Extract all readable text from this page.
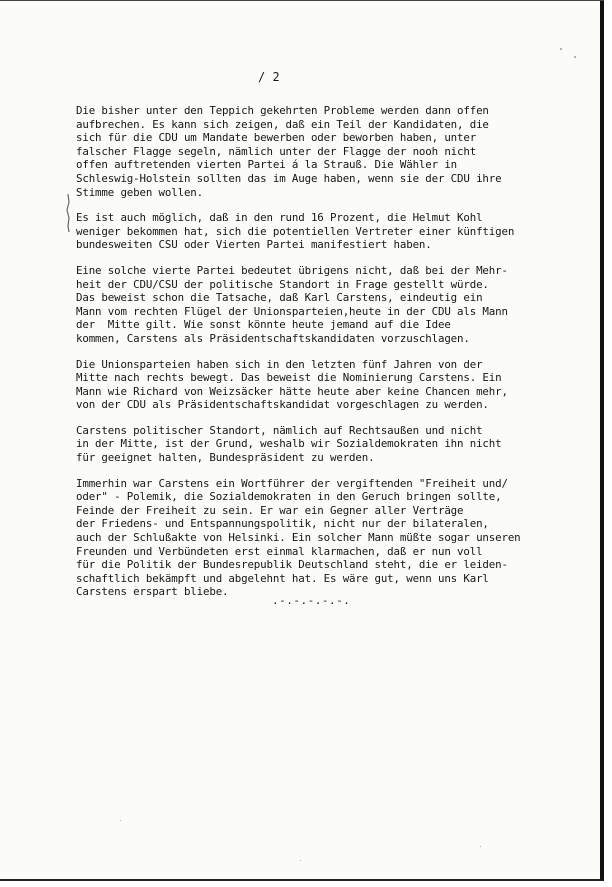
/ 2

Die bisher unter den Teppich gekehrten Probleme werden dann offen
aufbrechen. Es kann sich zeigen, daß ein Teil der Kandidaten, die
sich für die CDU um Mandate bewerben oder beworben haben, unter
falscher Flagge segeln, nämlich unter der Flagge der nooh nicht
offen auftretenden vierten Partei á la Strauß. Die Wähler in
Schleswig-Holstein sollten das im Auge haben, wenn sie der CDU ihre
Stimme geben wollen.

Es ist auch möglich, daß in den rund 16 Prozent, die Helmut Kohl
weniger bekommen hat, sich die potentiellen Vertreter einer künftigen
bundesweiten CSU oder Vierten Partei manifestiert haben.

Eine solche vierte Partei bedeutet übrigens nicht, daß bei der Mehr-
heit der CDU/CSU der politische Standort in Frage gestellt würde.
Das beweist schon die Tatsache, daß Karl Carstens, eindeutig ein
Mann vom rechten Flügel der Unionsparteien,heute in der CDU als Mann
der  Mitte gilt. Wie sonst könnte heute jemand auf die Idee
kommen, Carstens als Präsidentschaftskandidaten vorzuschlagen.

Die Unionsparteien haben sich in den letzten fünf Jahren von der
Mitte nach rechts bewegt. Das beweist die Nominierung Carstens. Ein
Mann wie Richard von Weizsäcker hätte heute aber keine Chancen mehr,
von der CDU als Präsidentschaftskandidat vorgeschlagen zu werden.

Carstens politischer Standort, nämlich auf Rechtsaußen und nicht
in der Mitte, ist der Grund, weshalb wir Sozialdemokraten ihn nicht
für geeignet halten, Bundespräsident zu werden.

Immerhin war Carstens ein Wortführer der vergiftenden "Freiheit und/
oder" - Polemik, die Sozialdemokraten in den Geruch bringen sollte,
Feinde der Freiheit zu sein. Er war ein Gegner aller Verträge
der Friedens- und Entspannungspolitik, nicht nur der bilateralen,
auch der Schlußakte von Helsinki. Ein solcher Mann müßte sogar unseren
Freunden und Verbündeten erst einmal klarmachen, daß er nun voll
für die Politik der Bundesrepublik Deutschland steht, die er leiden-
schaftlich bekämpft und abgelehnt hat. Es wäre gut, wenn uns Karl
Carstens erspart bliebe.

.-.-.-.-.-.
